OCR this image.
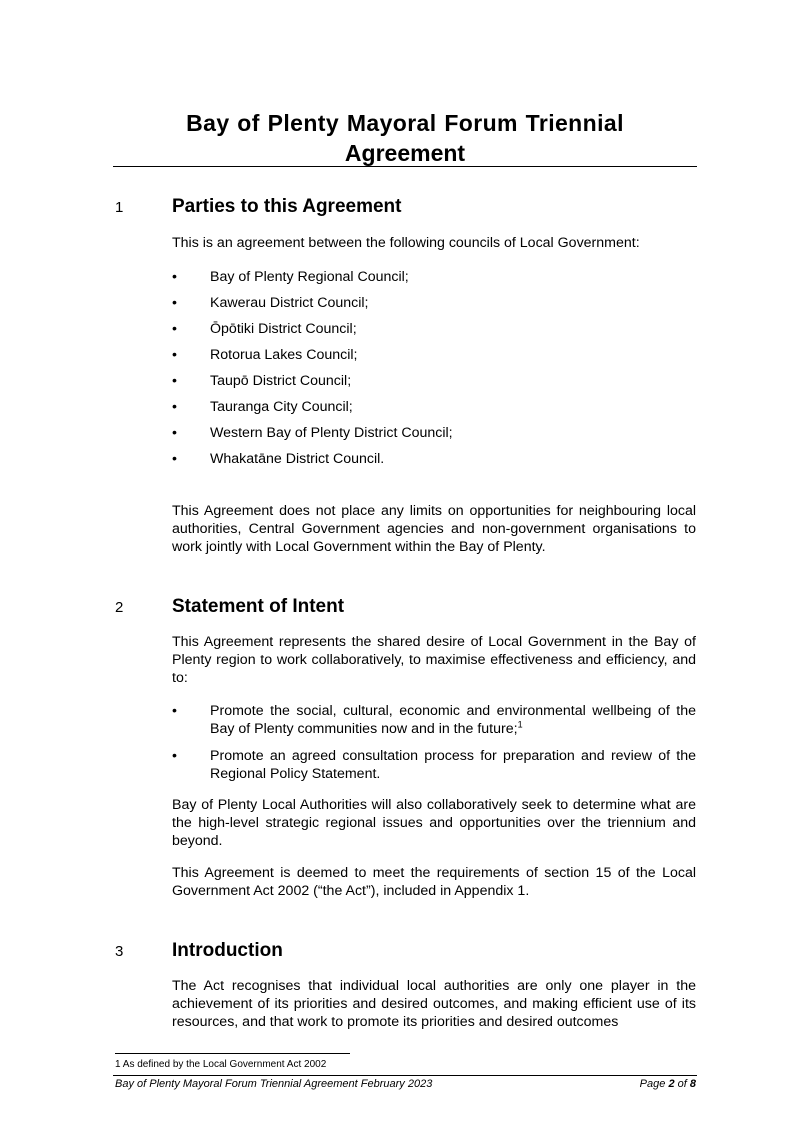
Bay of Plenty Mayoral Forum Triennial
Agreement
1	Parties to this Agreement

This is an agreement between the following councils of Local Government:

• Bay of Plenty Regional Council;
• Kawerau District Council;
• Ōpōtiki District Council;
• Rotorua Lakes Council;
• Taupō District Council;
• Tauranga City Council;
• Western Bay of Plenty District Council;
• Whakatāne District Council.

This Agreement does not place any limits on opportunities for neighbouring local authorities, Central Government agencies and non-government organisations to work jointly with Local Government within the Bay of Plenty.

2	Statement of Intent

This Agreement represents the shared desire of Local Government in the Bay of Plenty region to work collaboratively, to maximise effectiveness and efficiency, and to:

• Promote the social, cultural, economic and environmental wellbeing of the Bay of Plenty communities now and in the future;$^1$
• Promote an agreed consultation process for preparation and review of the Regional Policy Statement.

Bay of Plenty Local Authorities will also collaboratively seek to determine what are the high-level strategic regional issues and opportunities over the triennium and beyond.

This Agreement is deemed to meet the requirements of section 15 of the Local Government Act 2002 (“the Act”), included in Appendix 1.

3	Introduction

The Act recognises that individual local authorities are only one player in the achievement of its priorities and desired outcomes, and making efficient use of its resources, and that work to promote its priorities and desired outcomes

1 As defined by the Local Government Act 2002
Bay of Plenty Mayoral Forum Triennial Agreement February 2023	Page 2 of 8
